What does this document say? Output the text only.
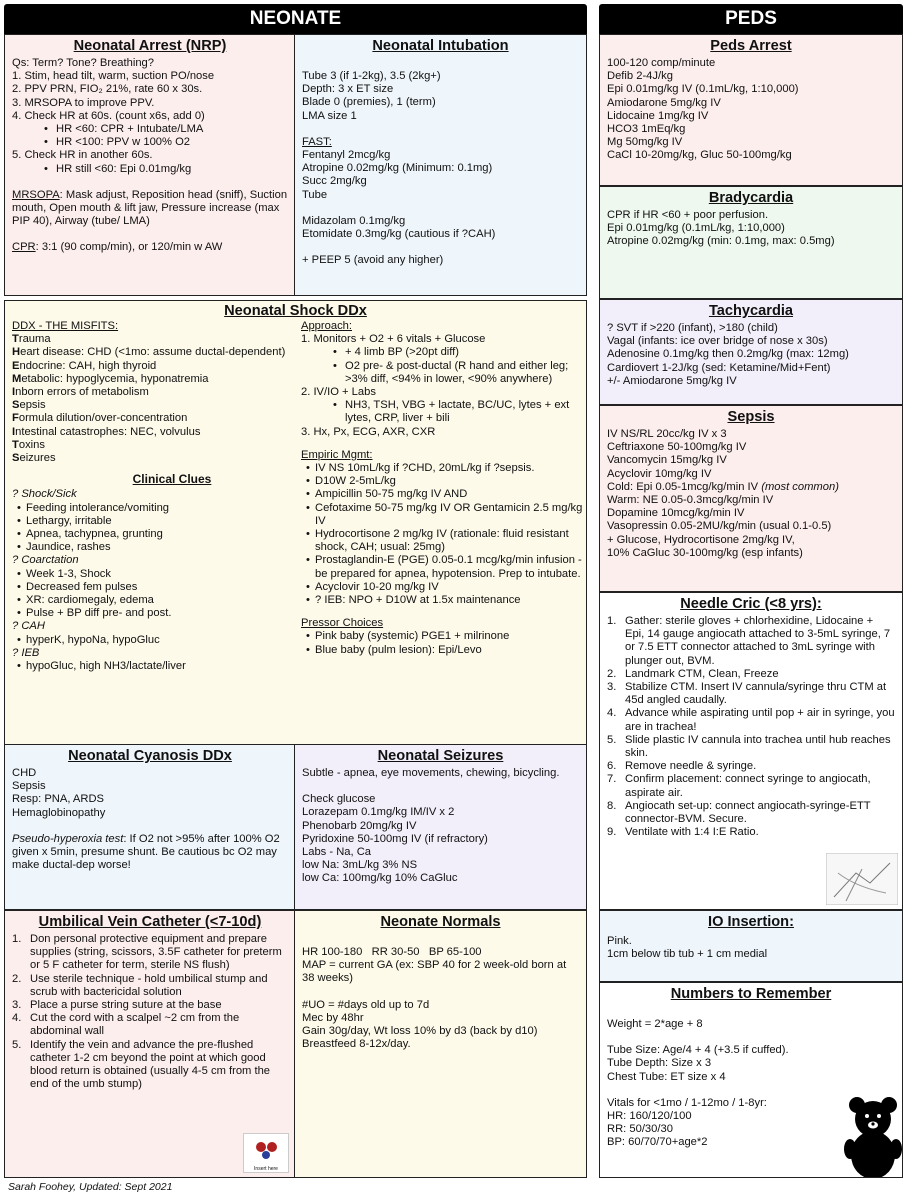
NEONATE	PEDS
Neonatal Arrest (NRP)
Qs: Term? Tone? Breathing?
1. Stim, head tilt, warm, suction PO/nose
2. PPV PRN, FIO₂ 21%, rate 60 x 30s.
3. MRSOPA to improve PPV.
4. Check HR at 60s. (count x6s, add 0)
• HR <60: CPR + Intubate/LMA
• HR <100: PPV w 100% O2
5. Check HR in another 60s.
• HR still <60: Epi 0.01mg/kg
MRSOPA: Mask adjust, Reposition head (sniff), Suction mouth, Open mouth & lift jaw, Pressure increase (max PIP 40), Airway (tube/ LMA)
CPR: 3:1 (90 comp/min), or 120/min w AW
Neonatal Intubation
Tube 3 (if 1-2kg), 3.5 (2kg+)
Depth: 3 x ET size
Blade 0 (premies), 1 (term)
LMA size 1
FAST:
Fentanyl 2mcg/kg
Atropine 0.02mg/kg (Minimum: 0.1mg)
Succ 2mg/kg
Tube
Midazolam 0.1mg/kg
Etomidate 0.3mg/kg (cautious if ?CAH)
+ PEEP 5 (avoid any higher)
Neonatal Shock DDx
DDX - THE MISFITS:
Trauma
Heart disease: CHD (<1mo: assume ductal-dependent)
Endocrine: CAH, high thyroid
Metabolic: hypoglycemia, hyponatremia
Inborn errors of metabolism
Sepsis
Formula dilution/over-concentration
Intestinal catastrophes: NEC, volvulus
Toxins
Seizures
Clinical Clues
? Shock/Sick
• Feeding intolerance/vomiting
• Lethargy, irritable
• Apnea, tachypnea, grunting
• Jaundice, rashes
? Coarctation
• Week 1-3, Shock
• Decreased fem pulses
• XR: cardiomegaly, edema
• Pulse + BP diff pre- and post.
? CAH
• hyperK, hypoNa, hypoGluc
? IEB
• hypoGluc, high NH3/lactate/liver
Approach:
1. Monitors + O2 + 6 vitals + Glucose
• + 4 limb BP (>20pt diff)
• O2 pre- & post-ductal (R hand and either leg; >3% diff, <94% in lower, <90% anywhere)
2. IV/IO + Labs
• NH3, TSH, VBG + lactate, BC/UC, lytes + ext lytes, CRP, liver + bili
3. Hx, Px, ECG, AXR, CXR
Empiric Mgmt:
• IV NS 10mL/kg if ?CHD, 20mL/kg if ?sepsis.
• D10W 2-5mL/kg
• Ampicillin 50-75 mg/kg IV AND
• Cefotaxime 50-75 mg/kg IV OR Gentamicin 2.5 mg/kg IV
• Hydrocortisone 2 mg/kg IV (rationale: fluid resistant shock, CAH; usual: 25mg)
• Prostaglandin-E (PGE) 0.05-0.1 mcg/kg/min infusion - be prepared for apnea, hypotension. Prep to intubate.
• Acyclovir 10-20 mg/kg IV
• ? IEB: NPO + D10W at 1.5x maintenance
Pressor Choices
• Pink baby (systemic) PGE1 + milrinone
• Blue baby (pulm lesion): Epi/Levo
Neonatal Cyanosis DDx
CHD
Sepsis
Resp: PNA, ARDS
Hemaglobinopathy
Pseudo-hyperoxia test: If O2 not >95% after 100% O2 given x 5min, presume shunt. Be cautious bc O2 may make ductal-dep worse!
Neonatal Seizures
Subtle - apnea, eye movements, chewing, bicycling.
Check glucose
Lorazepam 0.1mg/kg IM/IV x 2
Phenobarb 20mg/kg IV
Pyridoxine 50-100mg IV (if refractory)
Labs - Na, Ca
low Na: 3mL/kg 3% NS
low Ca: 100mg/kg 10% CaGluc
Umbilical Vein Catheter (<7-10d)
1. Don personal protective equipment and prepare supplies (string, scissors, 3.5F catheter for preterm or 5 F catheter for term, sterile NS flush)
2. Use sterile technique - hold umbilical stump and scrub with bactericidal solution
3. Place a purse string suture at the base
4. Cut the cord with a scalpel ~2 cm from the abdominal wall
5. Identify the vein and advance the pre-flushed catheter 1-2 cm beyond the point at which good blood return is obtained (usually 4-5 cm from the end of the umb stump)
Insert here
Neonate Normals
HR 100-180   RR 30-50   BP 65-100
MAP = current GA (ex: SBP 40 for 2 week-old born at 38 weeks)
#UO = #days old up to 7d
Mec by 48hr
Gain 30g/day, Wt loss 10% by d3 (back by d10)
Breastfeed 8-12x/day.
Peds Arrest
100-120 comp/minute
Defib 2-4J/kg
Epi 0.01mg/kg IV (0.1mL/kg, 1:10,000)
Amiodarone 5mg/kg IV
Lidocaine 1mg/kg IV
HCO3 1mEq/kg
Mg 50mg/kg IV
CaCl 10-20mg/kg, Gluc 50-100mg/kg
Bradycardia
CPR if HR <60 + poor perfusion.
Epi 0.01mg/kg (0.1mL/kg, 1:10,000)
Atropine 0.02mg/kg (min: 0.1mg, max: 0.5mg)
Tachycardia
? SVT if >220 (infant), >180 (child)
Vagal (infants: ice over bridge of nose x 30s)
Adenosine 0.1mg/kg then 0.2mg/kg (max: 12mg)
Cardiovert 1-2J/kg (sed: Ketamine/Mid+Fent)
+/- Amiodarone 5mg/kg IV
Sepsis
IV NS/RL 20cc/kg IV x 3
Ceftriaxone 50-100mg/kg IV
Vancomycin 15mg/kg IV
Acyclovir 10mg/kg IV
Cold: Epi 0.05-1mcg/kg/min IV (most common)
Warm: NE 0.05-0.3mcg/kg/min IV
Dopamine 10mcg/kg/min IV
Vasopressin 0.05-2MU/kg/min (usual 0.1-0.5)
+ Glucose, Hydrocortisone 2mg/kg IV,
10% CaGluc 30-100mg/kg (esp infants)
Needle Cric (<8 yrs):
1. Gather: sterile gloves + chlorhexidine, Lidocaine + Epi, 14 gauge angiocath attached to 3-5mL syringe, 7 or 7.5 ETT connector attached to 3mL syringe with plunger out, BVM.
2. Landmark CTM, Clean, Freeze
3. Stabilize CTM. Insert IV cannula/syringe thru CTM at 45d angled caudally.
4. Advance while aspirating until pop + air in syringe, you are in trachea!
5. Slide plastic IV cannula into trachea until hub reaches skin.
6. Remove needle & syringe.
7. Confirm placement: connect syringe to angiocath, aspirate air.
8. Angiocath set-up: connect angiocath-syringe-ETT connector-BVM. Secure.
9. Ventilate with 1:4 I:E Ratio.
IO Insertion:
Pink.
1cm below tib tub + 1 cm medial
Numbers to Remember
Weight = 2*age + 8
Tube Size: Age/4 + 4 (+3.5 if cuffed).
Tube Depth: Size x 3
Chest Tube: ET size x 4
Vitals for <1mo / 1-12mo / 1-8yr:
HR: 160/120/100
RR: 50/30/30
BP: 60/70/70+age*2
Sarah Foohey, Updated: Sept 2021
